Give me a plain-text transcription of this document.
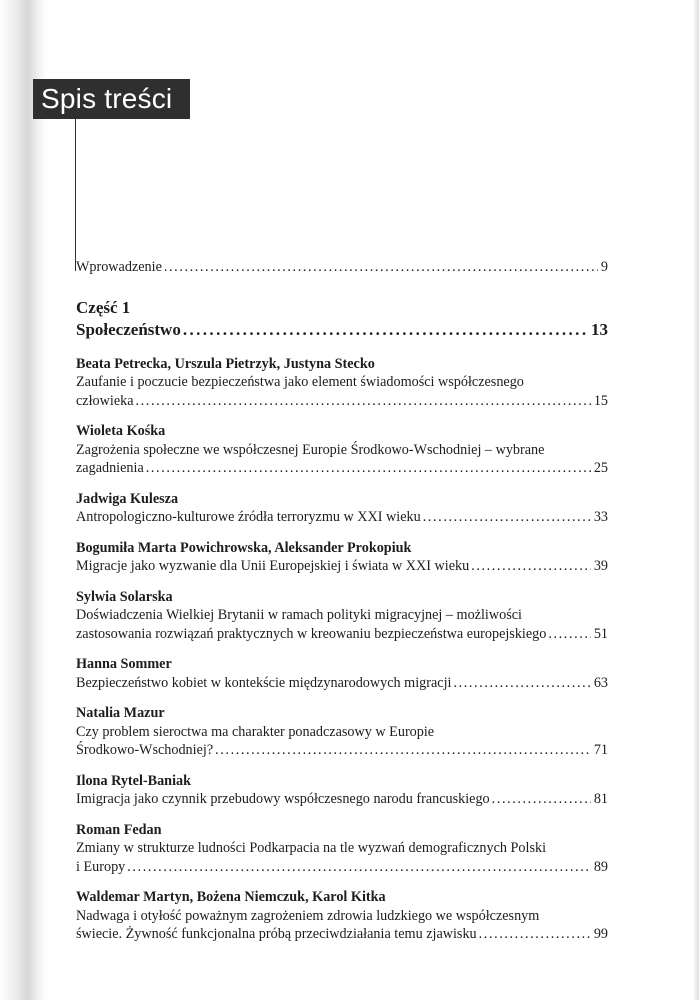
Spis treści
Wprowadzenie .....	9
Część 1
Społeczeństwo .....	13
Beata Petrecka, Urszula Pietrzyk, Justyna Stecko
Zaufanie i poczucie bezpieczeństwa jako element świadomości współczesnego
człowieka .....	15
Wioleta Kośka
Zagrożenia społeczne we współczesnej Europie Środkowo-Wschodniej – wybrane
zagadnienia .....	25
Jadwiga Kulesza
Antropologiczno-kulturowe źródła terroryzmu w XXI wieku .....	33
Bogumiła Marta Powichrowska, Aleksander Prokopiuk
Migracje jako wyzwanie dla Unii Europejskiej i świata w XXI wieku .....	39
Sylwia Solarska
Doświadczenia Wielkiej Brytanii w ramach polityki migracyjnej – możliwości
zastosowania rozwiązań praktycznych w kreowaniu bezpieczeństwa europejskiego .....	51
Hanna Sommer
Bezpieczeństwo kobiet w kontekście międzynarodowych migracji .....	63
Natalia Mazur
Czy problem sieroctwa ma charakter ponadczasowy w Europie
Środkowo-Wschodniej? .....	71
Ilona Rytel-Baniak
Imigracja jako czynnik przebudowy współczesnego narodu francuskiego .....	81
Roman Fedan
Zmiany w strukturze ludności Podkarpacia na tle wyzwań demograficznych Polski
i Europy .....	89
Waldemar Martyn, Bożena Niemczuk, Karol Kitka
Nadwaga i otyłość poważnym zagrożeniem zdrowia ludzkiego we współczesnym
świecie. Żywność funkcjonalna próbą przeciwdziałania temu zjawisku .....	99
